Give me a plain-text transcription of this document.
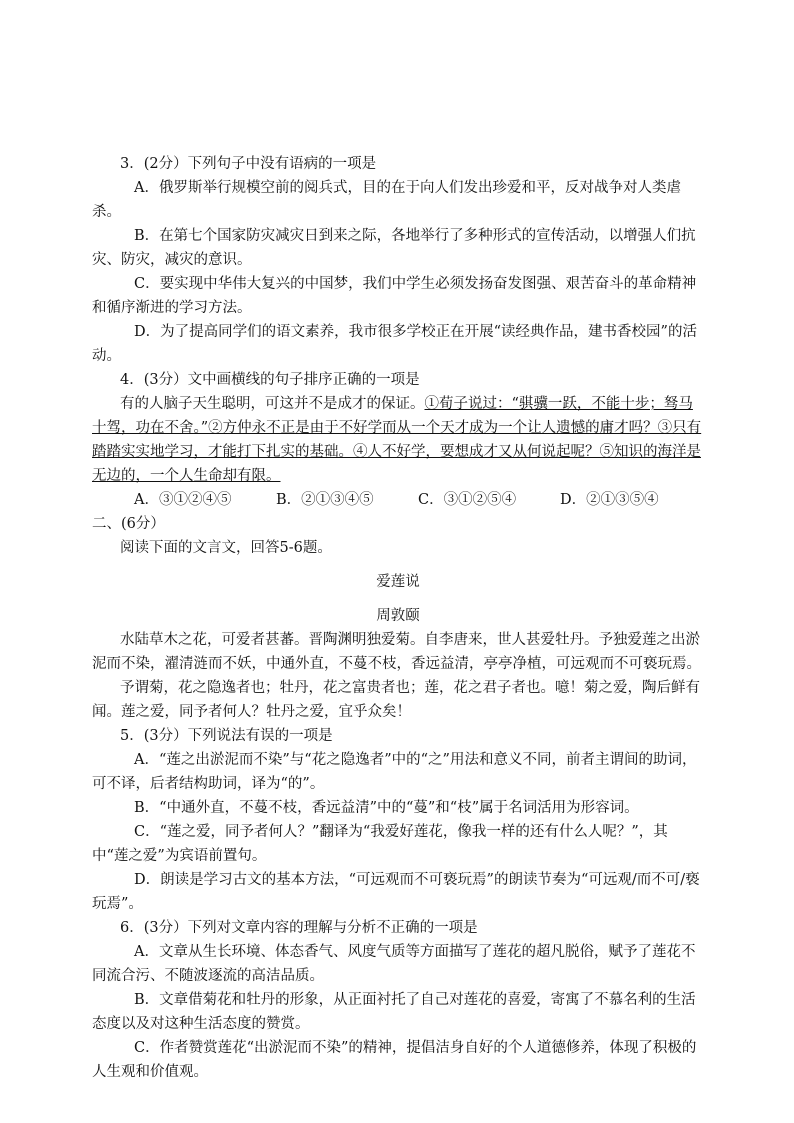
3．(2分）下列句子中没有语病的一项是

A．俄罗斯举行规模空前的阅兵式，目的在于向人们发出珍爱和平，反对战争对人类虐杀。

B．在第七个国家防灾减灾日到来之际，各地举行了多种形式的宣传活动，以增强人们抗灾、防灾，减灾的意识。

C．要实现中华伟大复兴的中国梦，我们中学生必须发扬奋发图强、艰苦奋斗的革命精神和循序渐进的学习方法。

D．为了提高同学们的语文素养，我市很多学校正在开展“读经典作品，建书香校园”的活动。

4．(3分）文中画横线的句子排序正确的一项是

有的人脑子天生聪明，可这并不是成才的保证。①荀子说过：“骐骥一跃，不能十步；驽马十驾，功在不舍。”②方仲永不正是由于不好学而从一个天才成为一个让人遗憾的庸才吗？③只有踏踏实实地学习，才能打下扎实的基础。④人不好学，要想成才又从何说起呢？⑤知识的海洋是无边的，一个人生命却有限。

A．③①②④⑤	B．②①③④⑤	C．③①②⑤④	D．②①③⑤④

二、(6分）

阅读下面的文言文，回答5-6题。

爱莲说

周敦颐

水陆草木之花，可爱者甚蕃。晋陶渊明独爱菊。自李唐来，世人甚爱牡丹。予独爱莲之出淤泥而不染，濯清涟而不妖，中通外直，不蔓不枝，香远益清，亭亭净植，可远观而不可亵玩焉。

予谓菊，花之隐逸者也；牡丹，花之富贵者也；莲，花之君子者也。噫！菊之爱，陶后鲜有闻。莲之爱，同予者何人？牡丹之爱，宜乎众矣！

5．(3分）下列说法有误的一项是

A．“莲之出淤泥而不染”与“花之隐逸者”中的“之”用法和意义不同，前者主谓间的助词，可不译，后者结构助词，译为“的”。

B．“中通外直，不蔓不枝，香远益清”中的“蔓”和“枝”属于名词活用为形容词。

C．“莲之爱，同予者何人？”翻译为“我爱好莲花，像我一样的还有什么人呢？”，其中“莲之爱”为宾语前置句。

D．朗读是学习古文的基本方法，“可远观而不可亵玩焉”的朗读节奏为“可远观/而不可/亵玩焉”。

6．(3分）下列对文章内容的理解与分析不正确的一项是

A．文章从生长环境、体态香气、风度气质等方面描写了莲花的超凡脱俗，赋予了莲花不同流合污、不随波逐流的高洁品质。

B．文章借菊花和牡丹的形象，从正面衬托了自己对莲花的喜爱，寄寓了不慕名利的生活态度以及对这种生活态度的赞赏。

C．作者赞赏莲花“出淤泥而不染”的精神，提倡洁身自好的个人道德修养，体现了积极的人生观和价值观。
